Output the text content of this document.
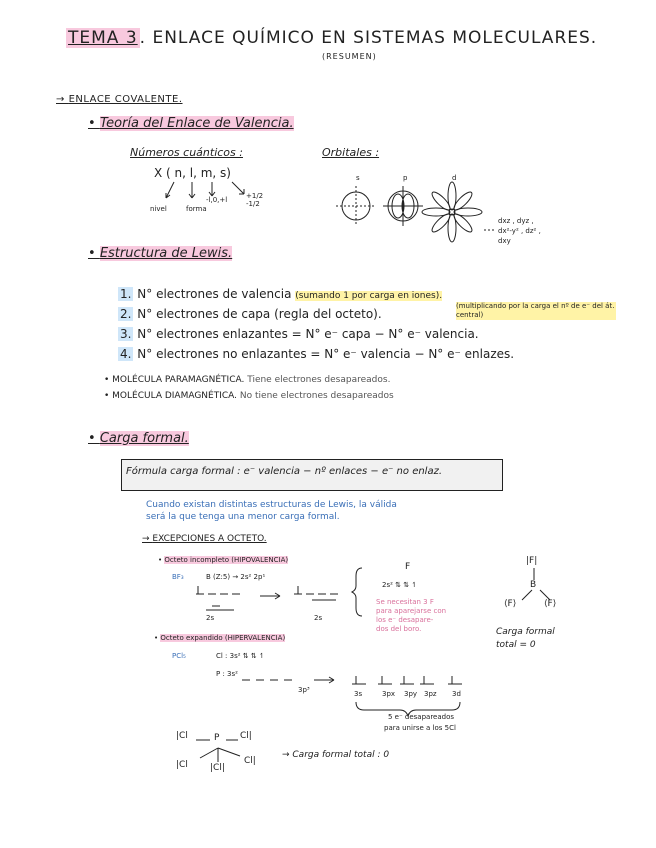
TEMA 3 . ENLACE QUÍMICO EN SISTEMAS MOLECULARES.
(RESUMEN)
→ ENLACE COVALENTE.
• Teoría del Enlace de Valencia.
Números cuánticos :
X ( n, l, m, s)
nivel	forma
-l,0,+l	+1/2 -1/2
Orbitales :
s	p	d
dxz , dyz , dx²-y² , dz² , dxy
• Estructura de Lewis.
1. N° electrones de valencia (sumando 1 por carga en iones).
2. N° electrones de capa (regla del octeto).
(multiplicando por la carga el nº de e⁻ del át. central)
3. N° electrones enlazantes = N° e⁻ capa − N° e⁻ valencia.
4. N° electrones no enlazantes = N° e⁻ valencia − N° e⁻ enlazes.
• MOLÉCULA PARAMAGNÉTICA. Tiene electrones desapareados.
• MOLÉCULA DIAMAGNÉTICA. No tiene electrones desapareados
• Carga formal.
Fórmula carga formal : e⁻ valencia − nº enlaces − e⁻ no enlaz.
Cuando existan distintas estructuras de Lewis, la válida
será la que tenga una menor carga formal.
→ EXCEPCIONES A OCTETO.
• Octeto incompleto (HIPOVALENCIA)
BF₃	B (Z:5) → 2s² 2p¹
2s	2s
F
2s² ⇅ ⇅ ↿
Se necesitan 3 F
para aparejarse con
los e⁻ desapare-
dos del boro.
|F|
B
⟨F⟩	⟨F⟩
Carga formal
total = 0
• Octeto expandido (HIPERVALENCIA)
PCl₅	Cl : 3s² ⇅ ⇅ ↿
P : 3s²
3p³	3s	3px 3py 3pz 3d
5 e⁻ desapareados
para unirse a los 5Cl
|Cl	P Cl|
|Cl |Cl|
Cl|
→ Carga formal total : 0
